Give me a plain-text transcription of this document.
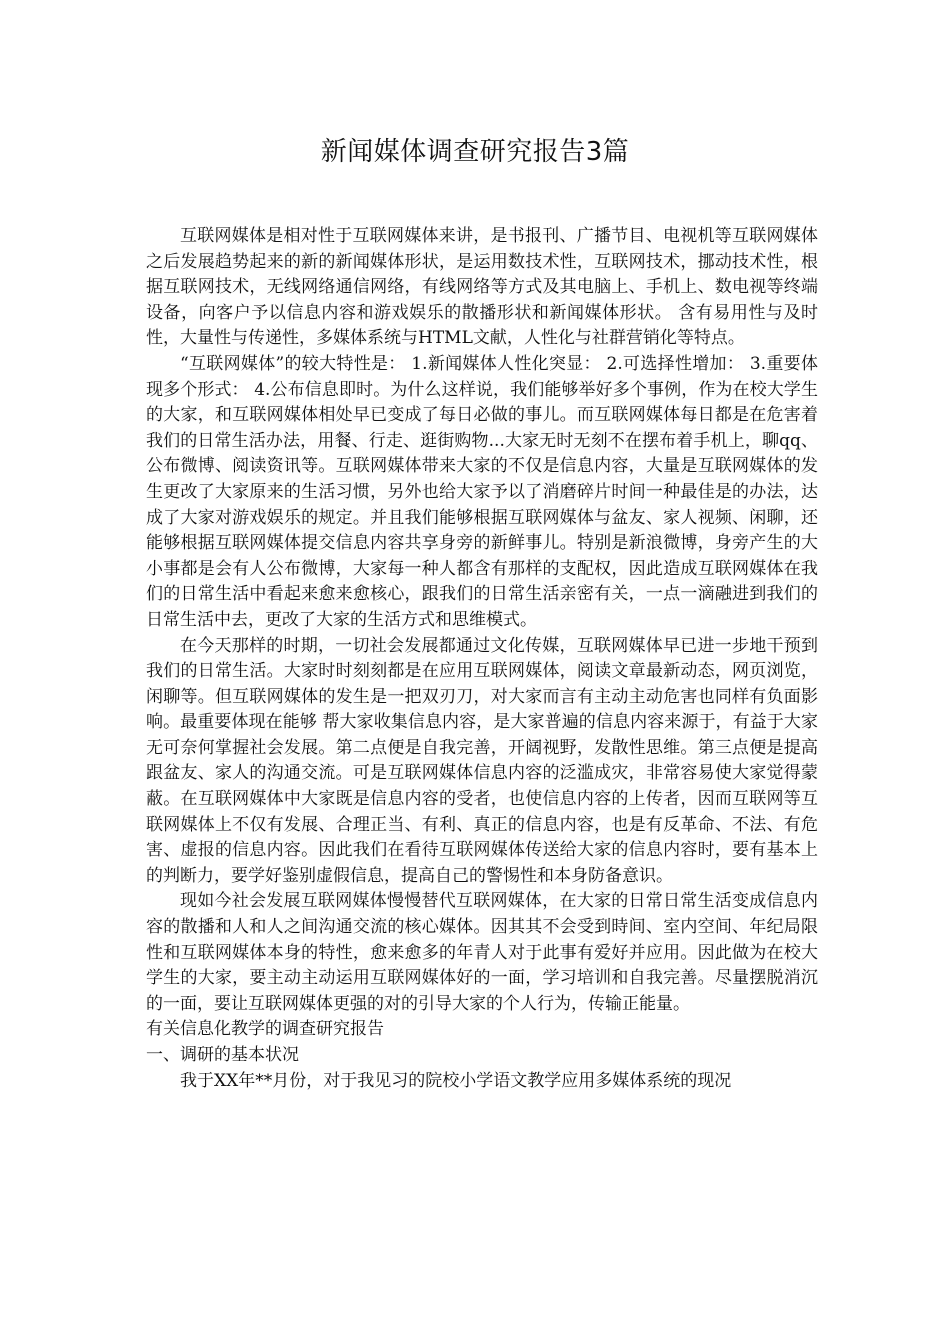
新闻媒体调查研究报告3篇

互联网媒体是相对性于互联网媒体来讲，是书报刊、广播节目、电视机等互联网媒体之后发展趋势起来的新的新闻媒体形状，是运用数技术性，互联网技术，挪动技术性，根据互联网技术，无线网络通信网络，有线网络等方式及其电脑上、手机上、数电视等终端设备，向客户予以信息内容和游戏娱乐的散播形状和新闻媒体形状。 含有易用性与及时性，大量性与传递性，多媒体系统与HTML文献，人性化与社群营销化等特点。

“互联网媒体”的较大特性是： 1.新闻媒体人性化突显： 2.可选择性增加： 3.重要体现多个形式： 4.公布信息即时。为什么这样说，我们能够举好多个事例，作为在校大学生的大家，和互联网媒体相处早已变成了每日必做的事儿。而互联网媒体每日都是在危害着我们的日常生活办法，用餐、行走、逛街购物...大家无时无刻不在摆布着手机上，聊qq、公布微博、阅读资讯等。互联网媒体带来大家的不仅是信息内容，大量是互联网媒体的发生更改了大家原来的生活习惯，另外也给大家予以了消磨碎片时间一种最佳是的办法，达成了大家对游戏娱乐的规定。并且我们能够根据互联网媒体与盆友、家人视频、闲聊，还能够根据互联网媒体提交信息内容共享身旁的新鲜事儿。特别是新浪微博，身旁产生的大小事都是会有人公布微博，大家每一种人都含有那样的支配权，因此造成互联网媒体在我们的日常生活中看起来愈来愈核心，跟我们的日常生活亲密有关，一点一滴融进到我们的日常生活中去，更改了大家的生活方式和思维模式。

在今天那样的时期，一切社会发展都通过文化传媒，互联网媒体早已进一步地干预到我们的日常生活。大家时时刻刻都是在应用互联网媒体，阅读文章最新动态，网页浏览，闲聊等。但互联网媒体的发生是一把双刃刀，对大家而言有主动主动危害也同样有负面影响。最重要体现在能够 帮大家收集信息内容，是大家普遍的信息内容来源于，有益于大家无可奈何掌握社会发展。第二点便是自我完善，开阔视野，发散性思维。第三点便是提高跟盆友、家人的沟通交流。可是互联网媒体信息内容的泛滥成灾，非常容易使大家觉得蒙蔽。在互联网媒体中大家既是信息内容的受者，也使信息内容的上传者，因而互联网等互联网媒体上不仅有发展、合理正当、有利、真正的信息内容，也是有反革命、不法、有危害、虚报的信息内容。因此我们在看待互联网媒体传送给大家的信息内容时，要有基本上的判断力，要学好鉴别虚假信息，提高自己的警惕性和本身防备意识。

现如今社会发展互联网媒体慢慢替代互联网媒体，在大家的日常日常生活变成信息内容的散播和人和人之间沟通交流的核心媒体。因其其不会受到時间、室内空间、年纪局限性和互联网媒体本身的特性，愈来愈多的年青人对于此事有爱好并应用。因此做为在校大学生的大家，要主动主动运用互联网媒体好的一面，学习培训和自我完善。尽量摆脱消沉的一面，要让互联网媒体更强的对的引导大家的个人行为，传输正能量。

有关信息化教学的调查研究报告

一、调研的基本状况

我于XX年**月份，对于我见习的院校小学语文教学应用多媒体系统的现况
